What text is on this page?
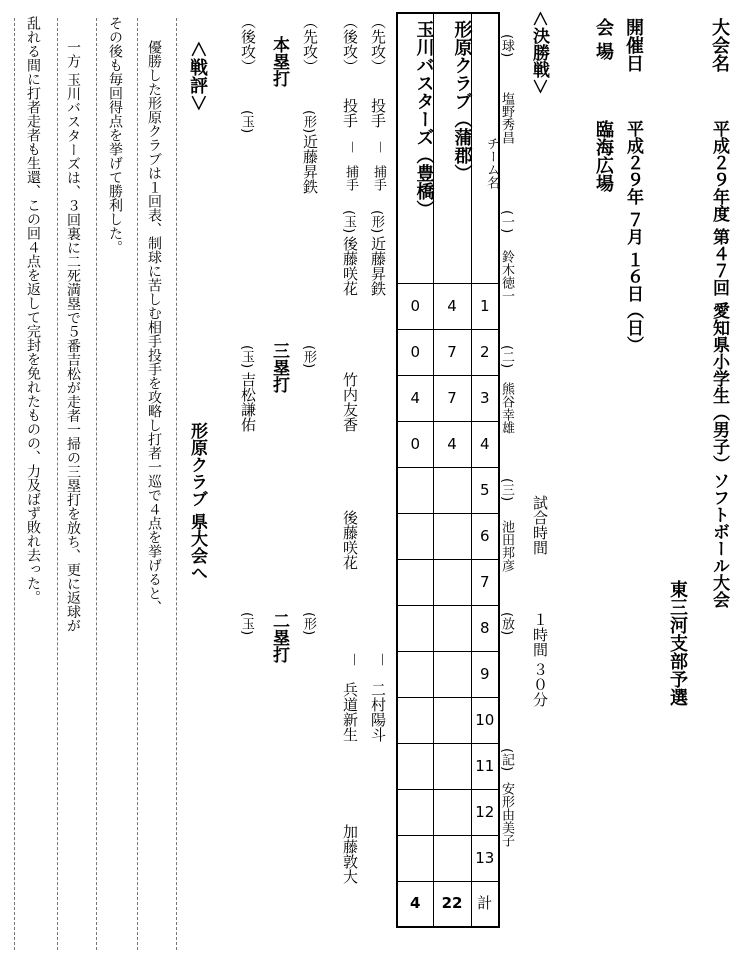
大会名
平成２９年度 第４７回 愛知県小学生（男子）ソフトボール大会
東三河支部予選
開催日
平成２９年 ７月 １６日（日）
会 場
臨海広場
＜決勝戦＞
試合時間
１時間 ３０分
(球)
塩野秀昌
(一)
鈴木徳一
(二)
熊谷幸雄
(三)
池田邦彦
(放)
(記)
安形由美子
玉川バスターズ（豊橋）	形原クラブ（蒲郡）	チーム名
0	4	1
0	7	2
4	7	3
0	4	4
		5
		6
		7
		8
		9
		10
		11
		12
		13
4	22	計
（先攻）
投手
－
捕手
(形)
近藤昇鉄
竹内友香
後藤咲花
－
二村陽斗
加藤敦大
（後攻）
投手
－
捕手
(玉)
後藤咲花
－
兵道新生
（先攻）
（後攻） 本塁打
(形)
近藤昇鉄
(玉)
三塁打 (形)
(玉)
吉松謙佑
二塁打 (形)
(玉)
＜戦評＞
形原クラブ 県大会へ
優勝した形原クラブは１回表、制球に苦しむ相手投手を攻略し打者一巡で４点を挙げると、
その後も毎回得点を挙げて勝利した。
一方 玉川バスターズは、３回裏に二死満塁で５番吉松が走者一掃の三塁打を放ち、更に返球が
乱れる間に打者走者も生還、この回４点を返して完封を免れたものの、力及ばず敗れ去った。
